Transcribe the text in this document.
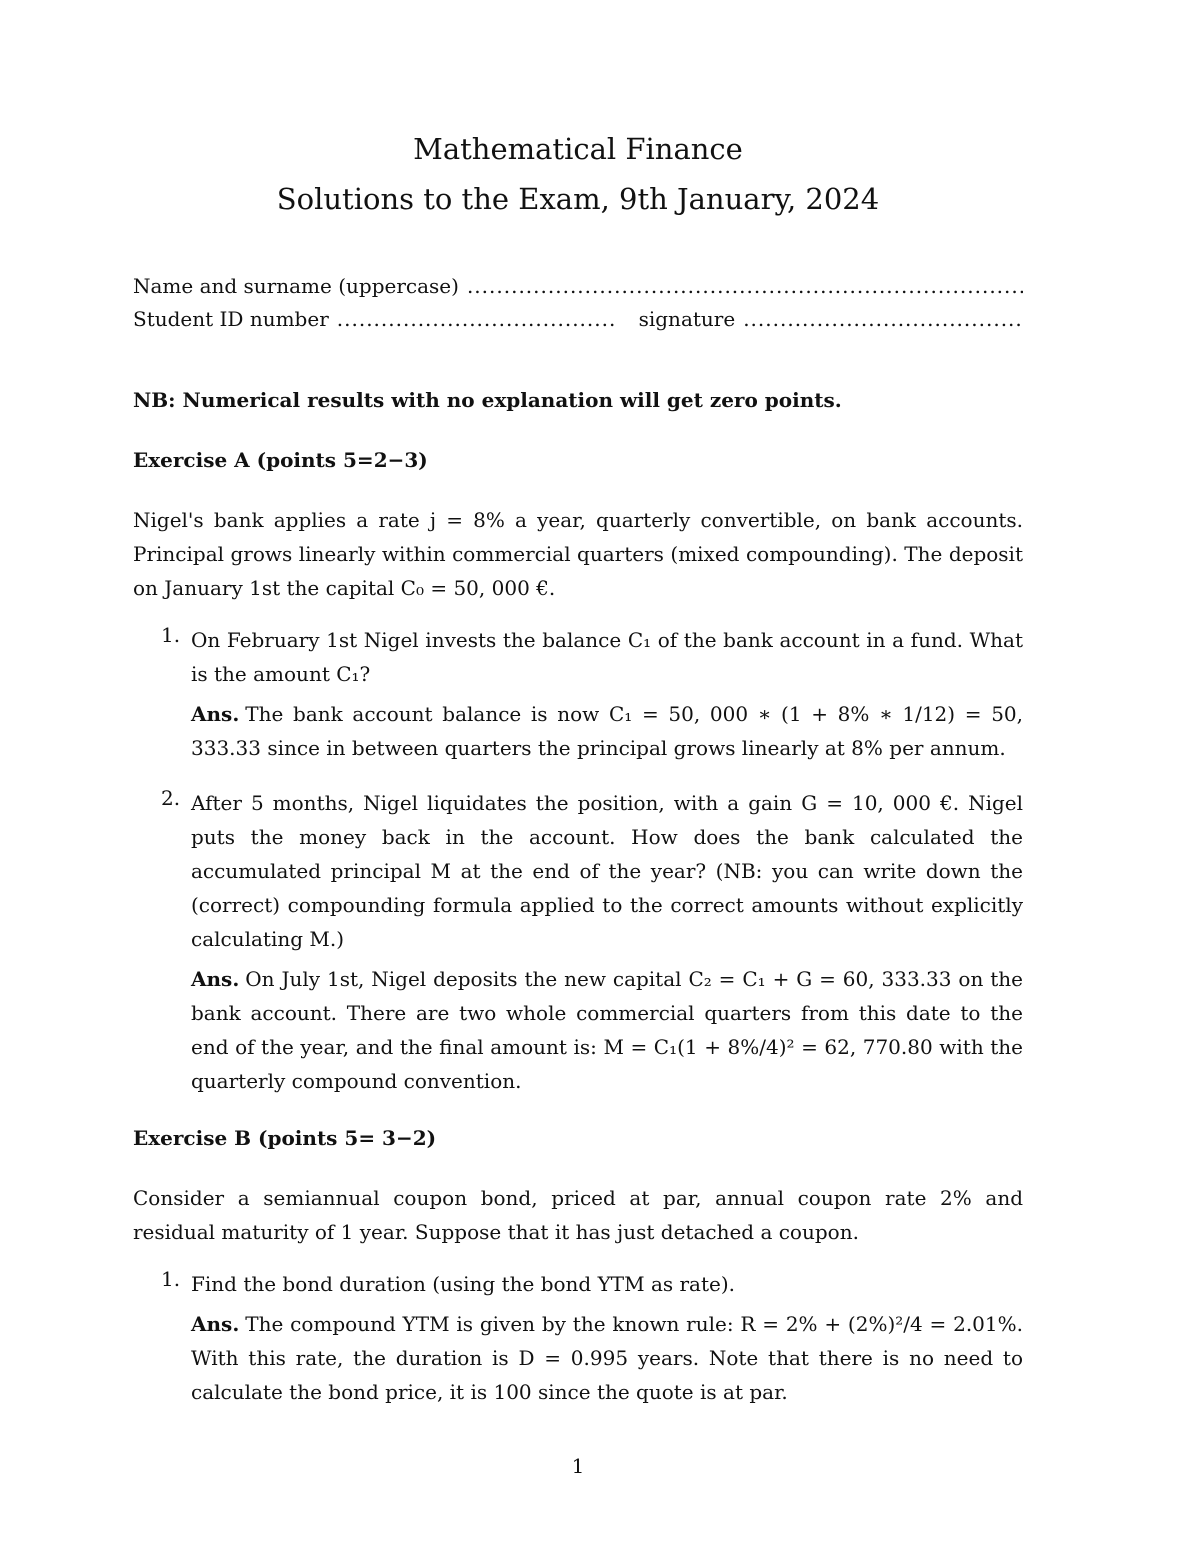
Mathematical Finance
Solutions to the Exam, 9th January, 2024
Name and surname (uppercase)
.....
Student ID number
.....	signature
.....
NB: Numerical results with no explanation will get zero points.
Exercise A (points 5=2−3)

Nigel's bank applies a rate j = 8% a year, quarterly convertible, on bank accounts. Principal grows linearly within commercial quarters (mixed compounding). The deposit on January 1st the capital C₀ = 50, 000 €.

1. On February 1st Nigel invests the balance C₁ of the bank account in a fund. What is the amount C₁?
Ans. The bank account balance is now C₁ = 50, 000 ∗ (1 + 8% ∗ 1/12) = 50, 333.33 since in between quarters the principal grows linearly at 8% per annum.
2. After 5 months, Nigel liquidates the position, with a gain G = 10, 000 €. Nigel puts the money back in the account. How does the bank calculated the accumulated principal M at the end of the year? (NB: you can write down the (correct) compounding formula applied to the correct amounts without explicitly calculating M.)
Ans. On July 1st, Nigel deposits the new capital C₂ = C₁ + G = 60, 333.33 on the bank account. There are two whole commercial quarters from this date to the end of the year, and the final amount is: M = C₁(1 + 8%/4)² = 62, 770.80 with the quarterly compound convention.
Exercise B (points 5= 3−2)

Consider a semiannual coupon bond, priced at par, annual coupon rate 2% and residual maturity of 1 year. Suppose that it has just detached a coupon.

1. Find the bond duration (using the bond YTM as rate).
Ans. The compound YTM is given by the known rule: R = 2% + (2%)²/4 = 2.01%. With this rate, the duration is D = 0.995 years. Note that there is no need to calculate the bond price, it is 100 since the quote is at par.
1
